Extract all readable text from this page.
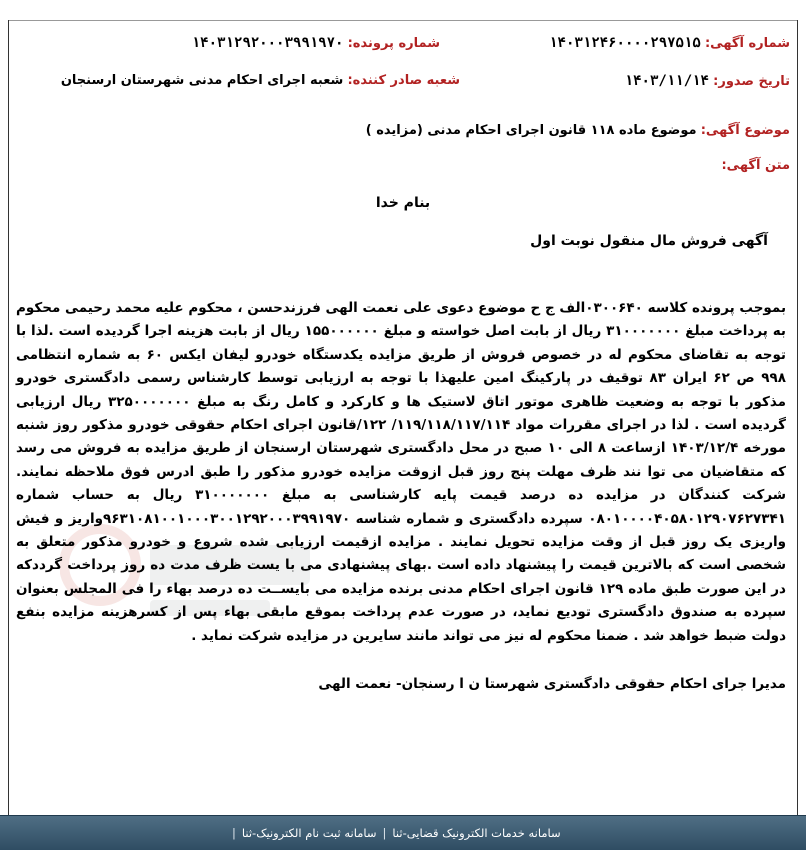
شماره آگهی: ۱۴۰۳۱۲۴۶۰۰۰۰۲۹۷۵۱۵
تاریخ صدور: ۱۴۰۳/۱۱/۱۴
شماره پرونده: ۱۴۰۳۱۲۹۲۰۰۰۳۹۹۱۹۷۰
شعبه صادر کننده: شعبه اجرای احکام مدنی شهرستان ارسنجان
موضوع آگهی: موضوع ماده ۱۱۸ قانون اجرای احکام مدنی (مزایده )
متن آگهی:
بنام خدا
آگهی فروش مال منقول نوبت اول
بموجب پرونده کلاسه ۰۳۰۰۶۴۰الف ج ح موضوع دعوی علی نعمت الهی فرزندحسن ، محکوم علیه محمد رحیمی محکوم به پرداخت مبلغ ۳۱۰۰۰۰۰۰۰ ریال از بابت اصل خواسته و مبلغ ۱۵۵۰۰۰۰۰۰ ریال از بابت هزینه اجرا گردیده است .لذا با توجه به تقاضای محکوم له در خصوص فروش از طریق مزایده یکدستگاه خودرو لیفان ایکس ۶۰ به شماره انتظامی ۹۹۸ ص ۶۲ ایران ۸۳ توقیف در پارکینگ امین علیهذا با توجه به ارزیابی توسط کارشناس رسمی دادگستری خودرو مذکور با توجه به وضعیت ظاهری موتور اتاق لاستیک ها و کارکرد و کامل رنگ به مبلغ ۳۲۵۰۰۰۰۰۰۰ ریال ارزیابی گردیده است . لذا در اجرای مقررات مواد ۱۱۹/۱۱۸/۱۱۷/۱۱۴/ ۱۲۲/قانون اجرای احکام حقوقی خودرو مذکور روز شنبه مورخه ۱۴۰۳/۱۲/۴ ازساعت ۸ الی ۱۰ صبح در محل دادگستری شهرستان ارسنجان از طریق مزایده به فروش می رسد که متقاضیان می توا نند ظرف مهلت پنج روز قبل ازوقت مزایده خودرو مذکور را طبق ادرس فوق ملاحظه نمایند. شرکت کنندگان در مزایده ده درصد قیمت پایه کارشناسی به مبلغ ۳۱۰۰۰۰۰۰۰ ریال به حساب شماره ۰۸۰۱۰۰۰۰۴۰۵۸۰۱۲۹۰۷۶۲۷۳۴۱ سپرده دادگستری و شماره شناسه ۹۶۳۱۰۸۱۰۰۱۰۰۰۳۰۰۱۲۹۲۰۰۰۳۹۹۱۹۷۰واریز و فیش واریزی یک روز قبل از وقت مزایده تحویل نمایند . مزایده ازقیمت ارزیابی شده شروع و خودرو مذکور متعلق به شخصی است که بالاترین قیمت را پیشنهاد داده است .بهای پیشنهادی می با یست ظرف مدت ده روز پرداخت گرددکه در این صورت طبق ماده ۱۲۹ قانون اجرای احکام مدنی برنده مزایده می بایســت ده درصد بهاء را فی المجلس بعنوان سپرده به صندوق دادگستری تودیع نماید، در صورت عدم پرداخت بموقع مابقی بهاء پس از کسرهزینه مزایده بنفع دولت ضبط خواهد شد . ضمنا محکوم له نیز می تواند مانند سایرین در مزایده شرکت نماید .
مدیرا جرای احکام حقوقی دادگستری شهرستا ن ا رسنجان- نعمت الهی
| سامانه ثبت نام الکترونیک-ثنا | سامانه خدمات الکترونیک قضایی-ثنا
